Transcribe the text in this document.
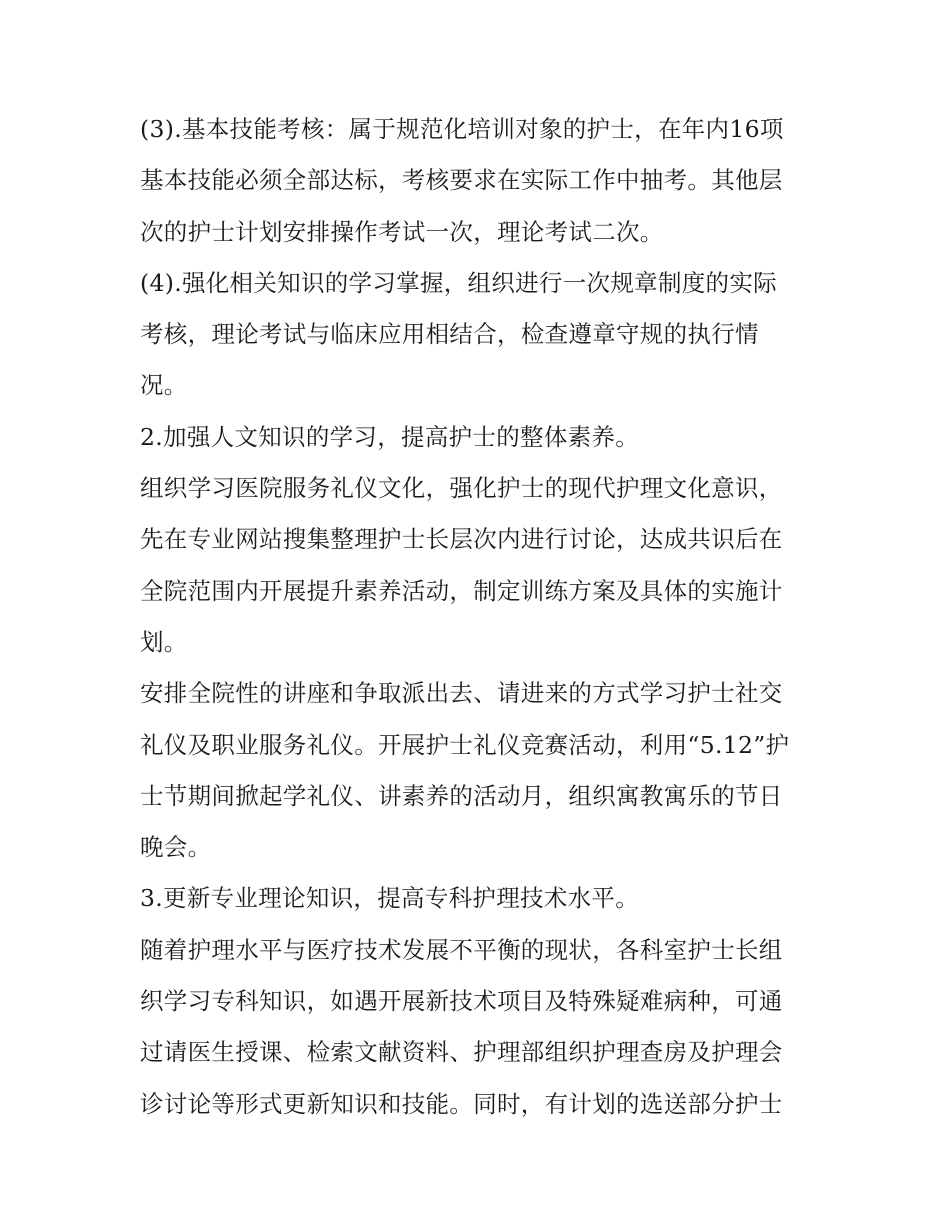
(3).基本技能考核：属于规范化培训对象的护士，在年内16项
基本技能必须全部达标，考核要求在实际工作中抽考。其他层
次的护士计划安排操作考试一次，理论考试二次。
(4).强化相关知识的学习掌握，组织进行一次规章制度的实际
考核，理论考试与临床应用相结合，检查遵章守规的执行情
况。
2.加强人文知识的学习，提高护士的整体素养。
组织学习医院服务礼仪文化，强化护士的现代护理文化意识，
先在专业网站搜集整理护士长层次内进行讨论，达成共识后在
全院范围内开展提升素养活动，制定训练方案及具体的实施计
划。
安排全院性的讲座和争取派出去、请进来的方式学习护士社交
礼仪及职业服务礼仪。开展护士礼仪竞赛活动，利用“5.12”护
士节期间掀起学礼仪、讲素养的活动月，组织寓教寓乐的节日
晚会。
3.更新专业理论知识，提高专科护理技术水平。
随着护理水平与医疗技术发展不平衡的现状，各科室护士长组
织学习专科知识，如遇开展新技术项目及特殊疑难病种，可通
过请医生授课、检索文献资料、护理部组织护理查房及护理会
诊讨论等形式更新知识和技能。同时，有计划的选送部分护士
